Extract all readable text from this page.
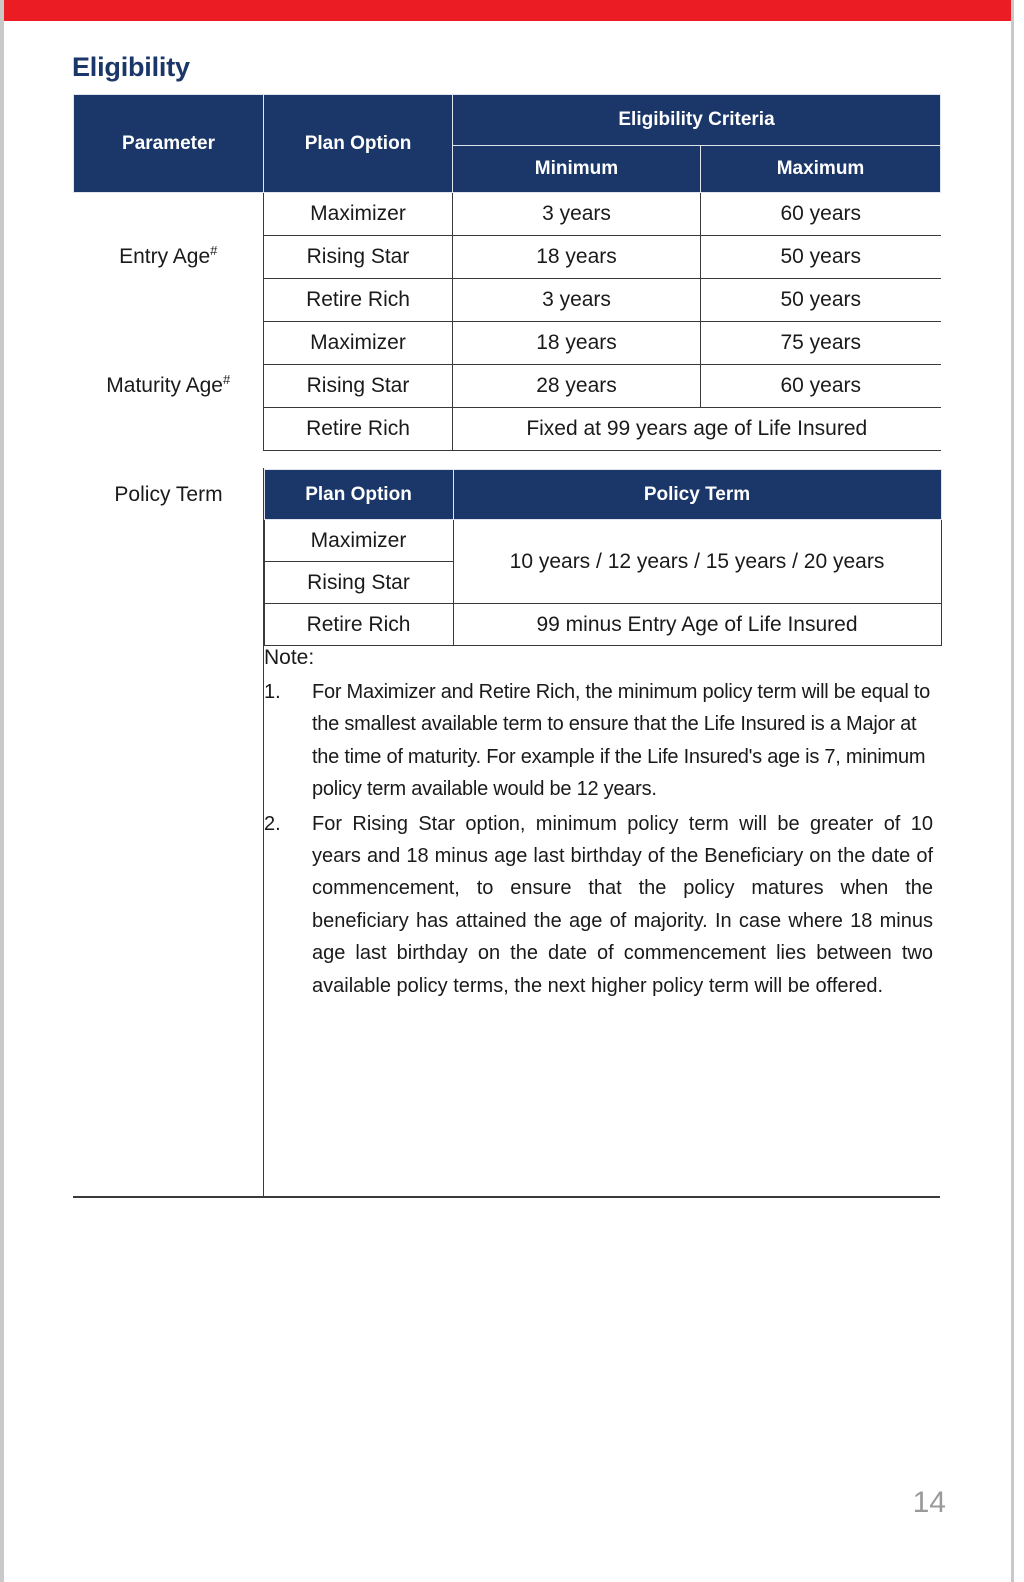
Eligibility
Parameter	Plan Option	Eligibility Criteria
Minimum	Maximum
Entry Age#	Maximizer	3 years	60 years
Rising Star	18 years	50 years
Retire Rich	3 years	50 years
Maturity Age#	Maximizer	18 years	75 years
Rising Star	28 years	60 years
Retire Rich	Fixed at 99 years age of Life Insured

Policy Term		Plan Option	Policy Term
Maximizer	10 years / 12 years / 15 years / 20 years
Rising Star
Retire Rich	99 minus Entry Age of Life Insured

Note:
1.	For Maximizer and Retire Rich, the minimum policy term will be equal to the smallest available term to ensure that the Life Insured is a Major at the time of maturity. For example if the Life Insured's age is 7, minimum policy term available would be 12 years.
2.	For Rising Star option, minimum policy term will be greater of 10 years and 18 minus age last birthday of the Beneficiary on the date of commencement, to ensure that the policy matures when the beneficiary has attained the age of majority. In case where 18 minus age last birthday on the date of commencement lies between two available policy terms, the next higher policy term will be offered.
14
